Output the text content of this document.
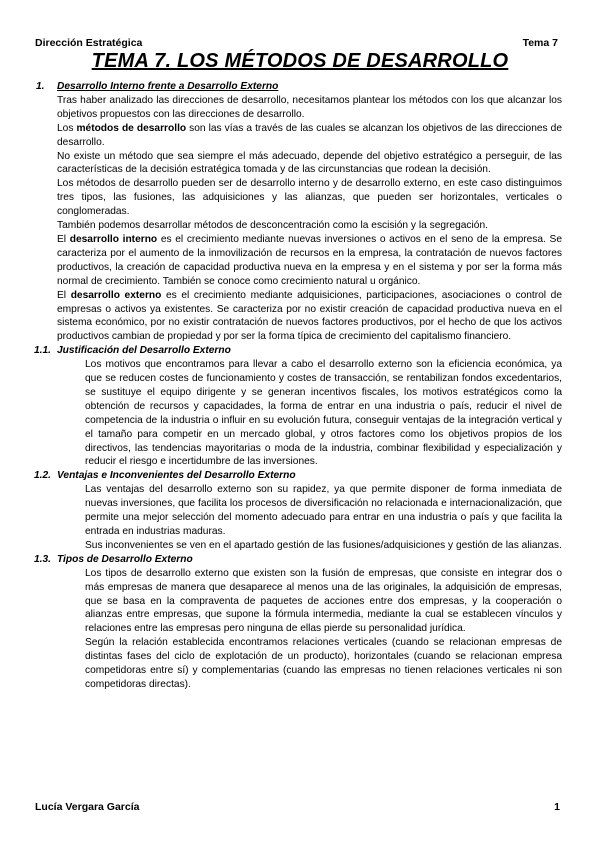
Dirección Estratégica	Tema 7
TEMA 7. LOS MÉTODOS DE DESARROLLO

1. Desarrollo Interno frente a Desarrollo Externo

Tras haber analizado las direcciones de desarrollo, necesitamos plantear los métodos con los que alcanzar los objetivos propuestos con las direcciones de desarrollo.

Los métodos de desarrollo son las vías a través de las cuales se alcanzan los objetivos de las direcciones de desarrollo.

No existe un método que sea siempre el más adecuado, depende del objetivo estratégico a perseguir, de las características de la decisión estratégica tomada y de las circunstancias que rodean la decisión.

Los métodos de desarrollo pueden ser de desarrollo interno y de desarrollo externo, en este caso distinguimos tres tipos, las fusiones, las adquisiciones y las alianzas, que pueden ser horizontales, verticales o conglomeradas.

También podemos desarrollar métodos de desconcentración como la escisión y la segregación.

El desarrollo interno es el crecimiento mediante nuevas inversiones o activos en el seno de la empresa. Se caracteriza por el aumento de la inmovilización de recursos en la empresa, la contratación de nuevos factores productivos, la creación de capacidad productiva nueva en la empresa y en el sistema y por ser la forma más normal de crecimiento. También se conoce como crecimiento natural u orgánico.

El desarrollo externo es el crecimiento mediante adquisiciones, participaciones, asociaciones o control de empresas o activos ya existentes. Se caracteriza por no existir creación de capacidad productiva nueva en el sistema económico, por no existir contratación de nuevos factores productivos, por el hecho de que los activos productivos cambian de propiedad y por ser la forma típica de crecimiento del capitalismo financiero.

1.1. Justificación del Desarrollo Externo

Los motivos que encontramos para llevar a cabo el desarrollo externo son la eficiencia económica, ya que se reducen costes de funcionamiento y costes de transacción, se rentabilizan fondos excedentarios, se sustituye el equipo dirigente y se generan incentivos fiscales, los motivos estratégicos como la obtención de recursos y capacidades, la forma de entrar en una industria o país, reducir el nivel de competencia de la industria o influir en su evolución futura, conseguir ventajas de la integración vertical y el tamaño para competir en un mercado global, y otros factores como los objetivos propios de los directivos, las tendencias mayoritarias o moda de la industria, combinar flexibilidad y especialización y reducir el riesgo e incertidumbre de las inversiones.

1.2. Ventajas e Inconvenientes del Desarrollo Externo

Las ventajas del desarrollo externo son su rapidez, ya que permite disponer de forma inmediata de nuevas inversiones, que facilita los procesos de diversificación no relacionada e internacionalización, que permite una mejor selección del momento adecuado para entrar en una industria o país y que facilita la entrada en industrias maduras.

Sus inconvenientes se ven en el apartado gestión de las fusiones/adquisiciones y gestión de las alianzas.

1.3. Tipos de Desarrollo Externo

Los tipos de desarrollo externo que existen son la fusión de empresas, que consiste en integrar dos o más empresas de manera que desaparece al menos una de las originales, la adquisición de empresas, que se basa en la compraventa de paquetes de acciones entre dos empresas, y la cooperación o alianzas entre empresas, que supone la fórmula intermedia, mediante la cual se establecen vínculos y relaciones entre las empresas pero ninguna de ellas pierde su personalidad jurídica.

Según la relación establecida encontramos relaciones verticales (cuando se relacionan empresas de distintas fases del ciclo de explotación de un producto), horizontales (cuando se relacionan empresa competidoras entre sí) y complementarias (cuando las empresas no tienen relaciones verticales ni son competidoras directas).

Lucía Vergara García	1
